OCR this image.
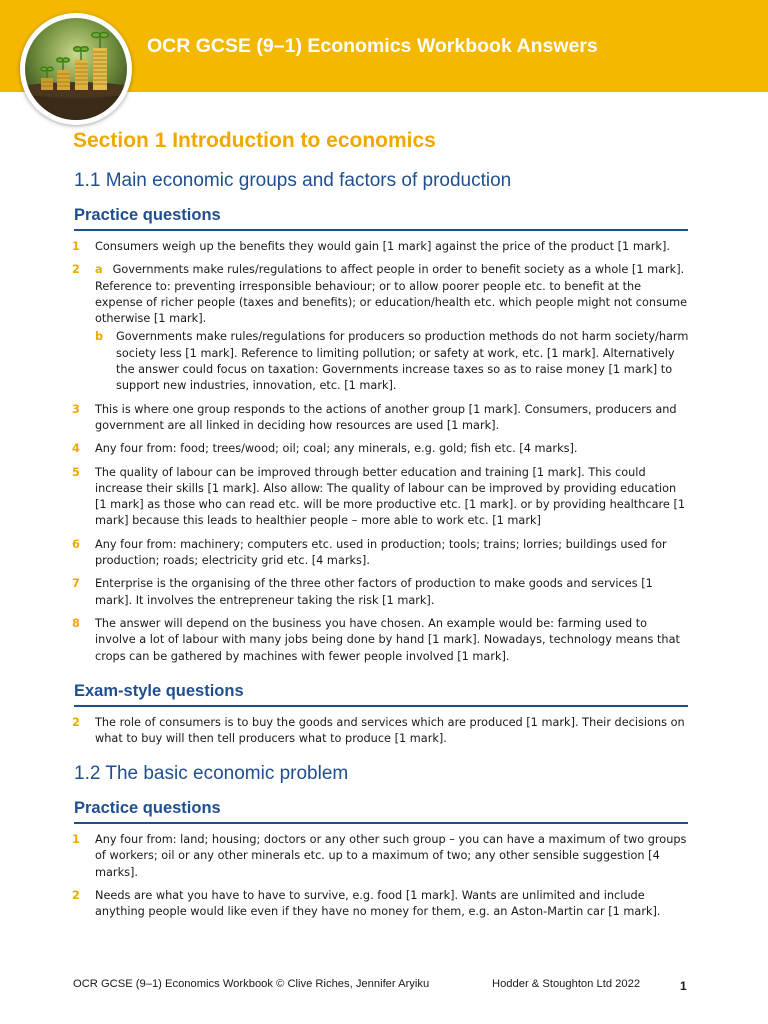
OCR GCSE (9–1) Economics Workbook Answers
Section 1 Introduction to economics
1.1 Main economic groups and factors of production
Practice questions
1	Consumers weigh up the benefits they would gain [1 mark] against the price of the product [1 mark].
2	a Governments make rules/regulations to affect people in order to benefit society as a whole [1 mark]. Reference to: preventing irresponsible behaviour; or to allow poorer people etc. to benefit at the expense of richer people (taxes and benefits); or education/health etc. which people might not consume otherwise [1 mark].
b	Governments make rules/regulations for producers so production methods do not harm society/harm society less [1 mark]. Reference to limiting pollution; or safety at work, etc. [1 mark]. Alternatively the answer could focus on taxation: Governments increase taxes so as to raise money [1 mark] to support new industries, innovation, etc. [1 mark].
3	This is where one group responds to the actions of another group [1 mark]. Consumers, producers and government are all linked in deciding how resources are used [1 mark].
4	Any four from: food; trees/wood; oil; coal; any minerals, e.g. gold; fish etc. [4 marks].
5	The quality of labour can be improved through better education and training [1 mark]. This could increase their skills [1 mark]. Also allow: The quality of labour can be improved by providing education [1 mark] as those who can read etc. will be more productive etc. [1 mark]. or by providing healthcare [1 mark] because this leads to healthier people – more able to work etc. [1 mark]
6	Any four from: machinery; computers etc. used in production; tools; trains; lorries; buildings used for production; roads; electricity grid etc. [4 marks].
7	Enterprise is the organising of the three other factors of production to make goods and services [1 mark]. It involves the entrepreneur taking the risk [1 mark].
8	The answer will depend on the business you have chosen. An example would be: farming used to involve a lot of labour with many jobs being done by hand [1 mark]. Nowadays, technology means that crops can be gathered by machines with fewer people involved [1 mark].
Exam-style questions
2	The role of consumers is to buy the goods and services which are produced [1 mark]. Their decisions on what to buy will then tell producers what to produce [1 mark].
1.2 The basic economic problem
Practice questions
1	Any four from: land; housing; doctors or any other such group – you can have a maximum of two groups of workers; oil or any other minerals etc. up to a maximum of two; any other sensible suggestion [4 marks].
2	Needs are what you have to have to survive, e.g. food [1 mark]. Wants are unlimited and include anything people would like even if they have no money for them, e.g. an Aston-Martin car [1 mark].
OCR GCSE (9–1) Economics Workbook © Clive Riches, Jennifer Aryiku	Hodder & Stoughton Ltd 2022	1
